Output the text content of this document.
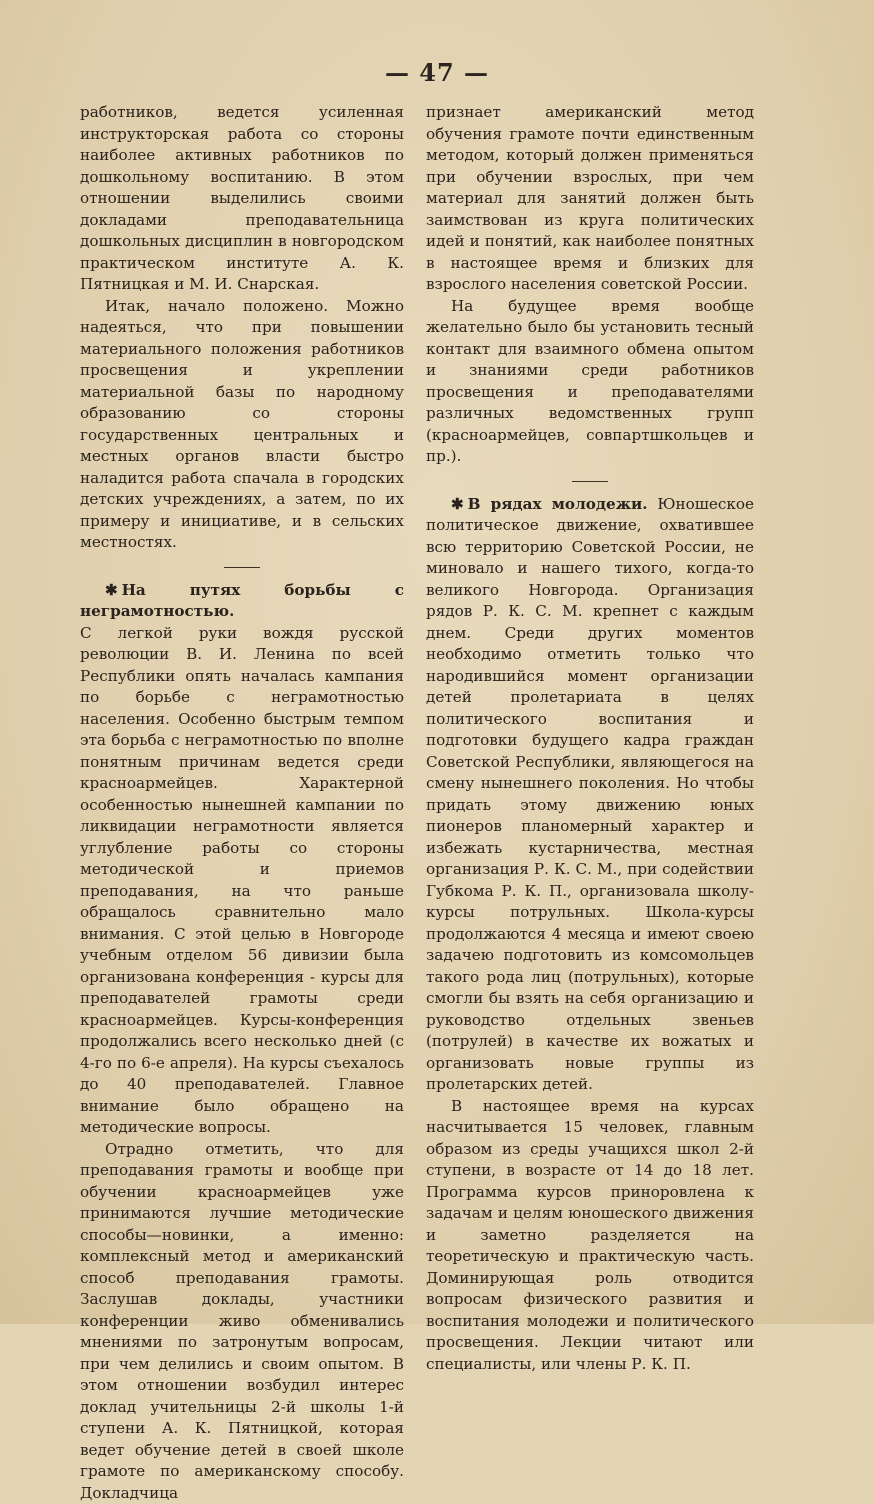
— 47 —

работников, ведется усиленная инструкторская работа со стороны наиболее активных работников по дошкольному воспитанию. В этом отношении выделились своими докладами преподавательница дошкольных дисциплин в новгородском практическом институте А. К. Пятницкая и М. И. Снарская.

Итак, начало положено. Можно надеяться, что при повышении материального положения работников просвещения и укреплении материальной базы по народному образованию со стороны государственных центральных и местных органов власти быстро наладится работа спачала в городских детских учреждениях, а затем, по их примеру и инициативе, и в сельских местностях.

✱ На путях борьбы с неграмотностью.

С легкой руки вождя русской революции В. И. Ленина по всей Республики опять началась кампания по борьбе с неграмотностью населения. Особенно быстрым темпом эта борьба с неграмотностью по вполне понятным причинам ведется среди красноармейцев. Характерной особенностью нынешней кампании по ликвидации неграмотности является углубление работы со стороны методической и приемов преподавания, на что раньше обращалось сравнительно мало внимания. С этой целью в Новгороде учебным отделом 56 дивизии была организована конференция - курсы для преподавателей грамоты среди красноармейцев. Курсы-конференция продолжались всего несколько дней (с 4-го по 6-е апреля). На курсы съехалось до 40 преподавателей. Главное внимание было обращено на методические вопросы.

Отрадно отметить, что для преподавания грамоты и вообще при обучении красноармейцев уже принимаются лучшие методические способы—новинки, а именно: комплексный метод и американский способ преподавания грамоты. Заслушав доклады, участники конференции живо обменивались мнениями по затронутым вопросам, при чем делились и своим опытом. В этом отношении возбудил интерес доклад учительницы 2-й школы 1-й ступени А. К. Пятницкой, которая ведет обучение детей в своей школе грамоте по американскому способу. Докладчица

признает американский метод обучения грамоте почти единственным методом, который должен применяться при обучении взрослых, при чем материал для занятий должен быть заимствован из круга политических идей и понятий, как наиболее понятных в настоящее время и близких для взрослого населения советской России.

На будущее время вообще желательно было бы установить тесный контакт для взаимного обмена опытом и знаниями среди работников просвещения и преподавателями различных ведомственных групп (красноармейцев, совпартшкольцев и пр.).

✱ В рядах молодежи. Юношеское политическое движение, охватившее всю территорию Советской России, не миновало и нашего тихого, когда-то великого Новгорода. Организация рядов Р. К. С. М. крепнет с каждым днем. Среди других моментов необходимо отметить только что народившийся момент организации детей пролетариата в целях политического воспитания и подготовки будущего кадра граждан Советской Республики, являющегося на смену нынешнего поколения. Но чтобы придать этому движению юных пионеров планомерный характер и избежать кустарничества, местная организация Р. К. С. М., при содействии Губкома Р. К. П., организовала школу-курсы потрульных. Школа-курсы продолжаются 4 месяца и имеют своею задачею подготовить из комсомольцев такого рода лиц (потрульных), которые смогли бы взять на себя организацию и руководство отдельных звеньев (потрулей) в качестве их вожатых и организовать новые группы из пролетарских детей.

В настоящее время на курсах насчитывается 15 человек, главным образом из среды учащихся школ 2-й ступени, в возрасте от 14 до 18 лет. Программа курсов приноровлена к задачам и целям юношеского движения и заметно разделяется на теоретическую и практическую часть. Доминирующая роль отводится вопросам физического развития и воспитания молодежи и политического просвещения. Лекции читают или специалисты, или члены Р. К. П.
